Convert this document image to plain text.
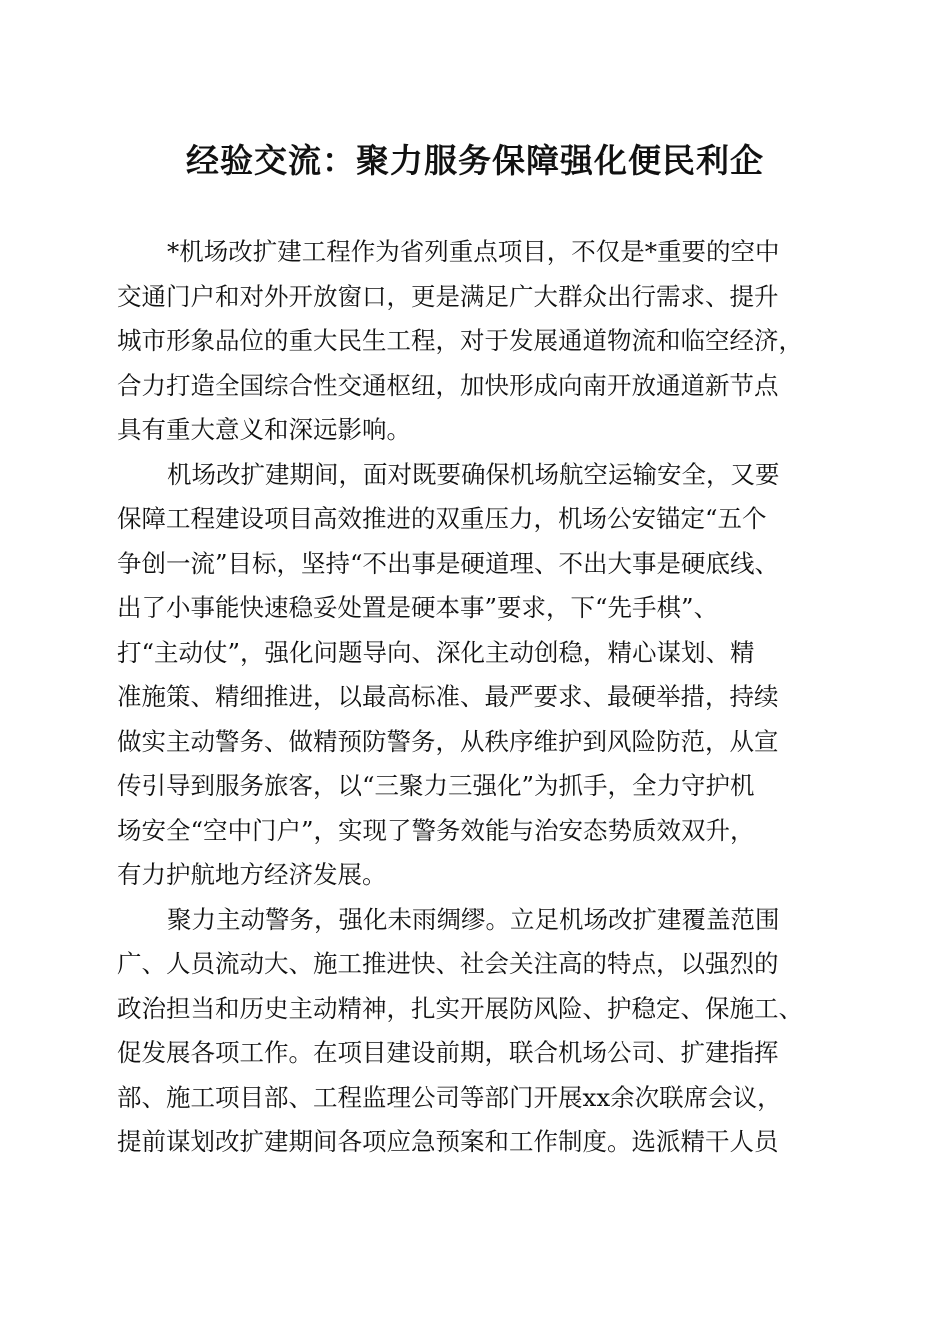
经验交流：聚力服务保障强化便民利企
*机场改扩建工程作为省列重点项目，不仅是*重要的空中
交通门户和对外开放窗口，更是满足广大群众出行需求、提升
城市形象品位的重大民生工程，对于发展通道物流和临空经济，
合力打造全国综合性交通枢纽，加快形成向南开放通道新节点
具有重大意义和深远影响。
机场改扩建期间，面对既要确保机场航空运输安全，又要
保障工程建设项目高效推进的双重压力，机场公安锚定“五个
争创一流”目标，坚持“不出事是硬道理、不出大事是硬底线、
出了小事能快速稳妥处置是硬本事”要求，下“先手棋”、
打“主动仗”，强化问题导向、深化主动创稳，精心谋划、精
准施策、精细推进，以最高标准、最严要求、最硬举措，持续
做实主动警务、做精预防警务，从秩序维护到风险防范，从宣
传引导到服务旅客，以“三聚力三强化”为抓手，全力守护机
场安全“空中门户”，实现了警务效能与治安态势质效双升，
有力护航地方经济发展。
聚力主动警务，强化未雨绸缪。立足机场改扩建覆盖范围
广、人员流动大、施工推进快、社会关注高的特点，以强烈的
政治担当和历史主动精神，扎实开展防风险、护稳定、保施工、
促发展各项工作。在项目建设前期，联合机场公司、扩建指挥
部、施工项目部、工程监理公司等部门开展xx余次联席会议，
提前谋划改扩建期间各项应急预案和工作制度。选派精干人员
